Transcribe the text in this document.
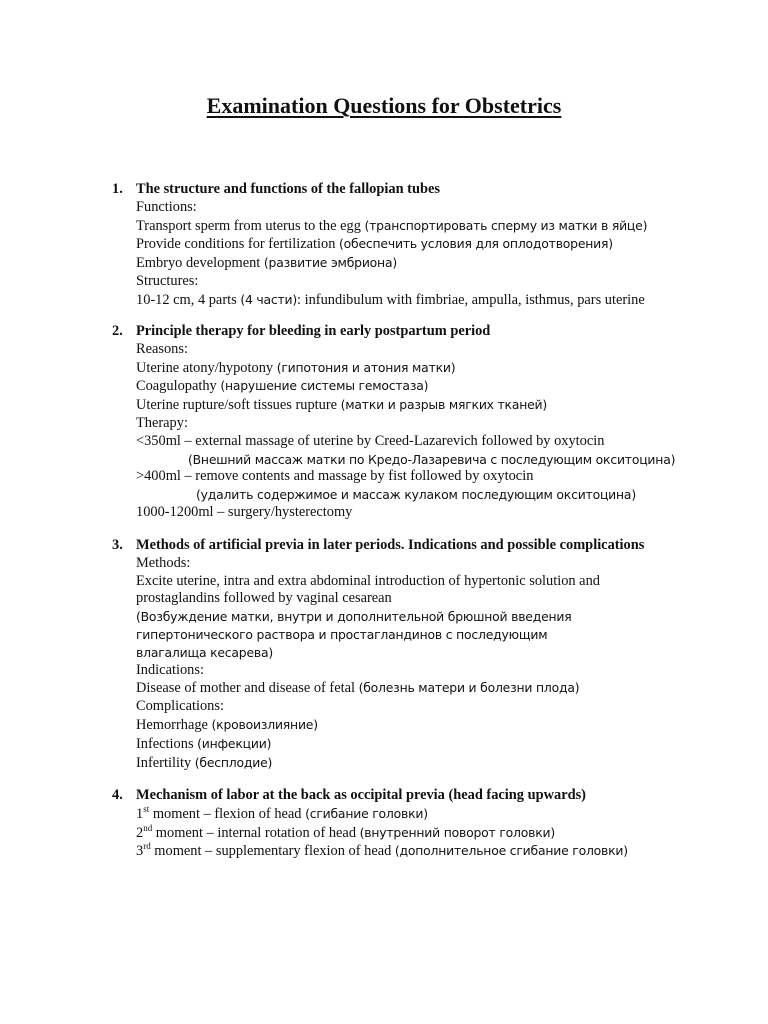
Examination Questions for Obstetrics
1. The structure and functions of the fallopian tubes
Functions:
Transport sperm from uterus to the egg (транспортировать сперму из матки в яйце)
Provide conditions for fertilization (обеспечить условия для оплодотворения)
Embryo development (развитие эмбриона)
Structures:
10-12 cm, 4 parts (4 части): infundibulum with fimbriae, ampulla, isthmus, pars uterine
2. Principle therapy for bleeding in early postpartum period
Reasons:
Uterine atony/hypotony (гипотония и атония матки)
Coagulopathy (нарушение системы гемостаза)
Uterine rupture/soft tissues rupture (матки и разрыв мягких тканей)
Therapy:
<350ml – external massage of uterine by Creed-Lazarevich followed by oxytocin
(Внешний массаж матки по Кредо-Лазаревича с последующим окситоцина)
>400ml – remove contents and massage by fist followed by oxytocin
(удалить содержимое и массаж кулаком последующим окситоцина)
1000-1200ml – surgery/hysterectomy
3. Methods of artificial previa in later periods. Indications and possible complications
Methods:
Excite uterine, intra and extra abdominal introduction of hypertonic solution and prostaglandins followed by vaginal cesarean
(Возбуждение матки, внутри и дополнительной брюшной введения гипертонического раствора и простагландинов с последующим влагалища кесарева)
Indications:
Disease of mother and disease of fetal (болезнь матери и болезни плода)
Complications:
Hemorrhage (кровоизлияние)
Infections (инфекции)
Infertility (бесплодие)
4. Mechanism of labor at the back as occipital previa (head facing upwards)
1st moment – flexion of head (сгибание головки)
2nd moment – internal rotation of head (внутренний поворот головки)
3rd moment – supplementary flexion of head (дополнительное сгибание головки)
